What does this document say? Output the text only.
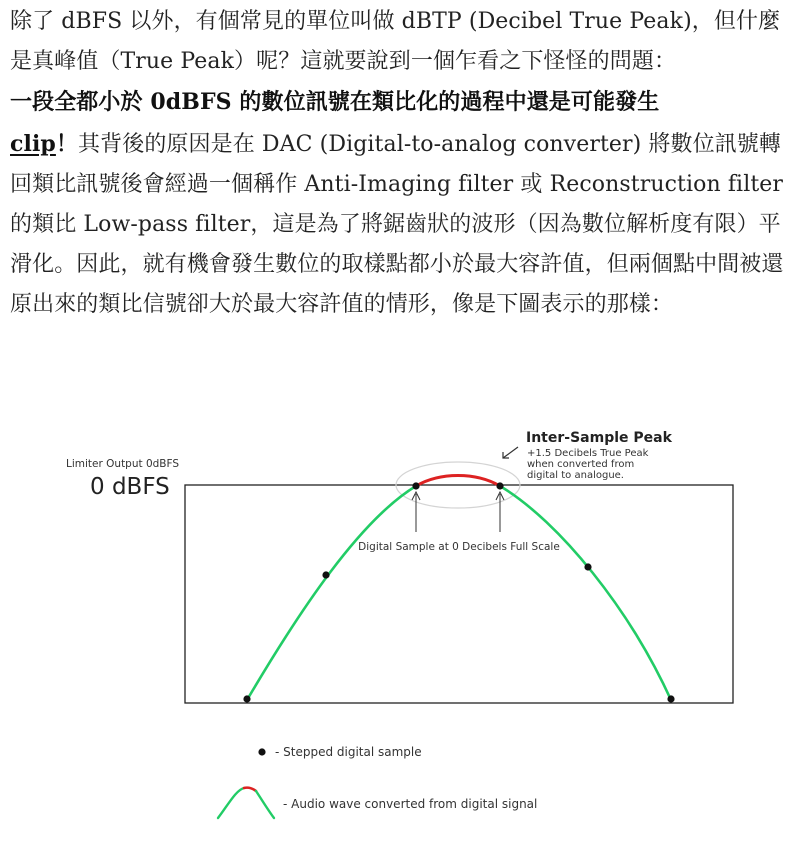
除了 dBFS 以外，有個常見的單位叫做 dBTP (Decibel True Peak)，但什麼是真峰值（True Peak）呢？這就要說到一個乍看之下怪怪的問題：
一段全都小於 0dBFS 的數位訊號在類比化的過程中還是可能發生
clip！其背後的原因是在 DAC (Digital-to-analog converter) 將數位訊號轉回類比訊號後會經過一個稱作 Anti-Imaging filter 或 Reconstruction filter 的類比 Low-pass filter，這是為了將鋸齒狀的波形（因為數位解析度有限）平滑化。因此，就有機會發生數位的取樣點都小於最大容許值，但兩個點中間被還原出來的類比信號卻大於最大容許值的情形，像是下圖表示的那樣：

Limiter Output 0dBFS
0 dBFS
Inter-Sample Peak
+1.5 Decibels True Peak
when converted from
digital to analogue.
Digital Sample at 0 Decibels Full Scale
- Stepped digital sample
- Audio wave converted from digital signal
